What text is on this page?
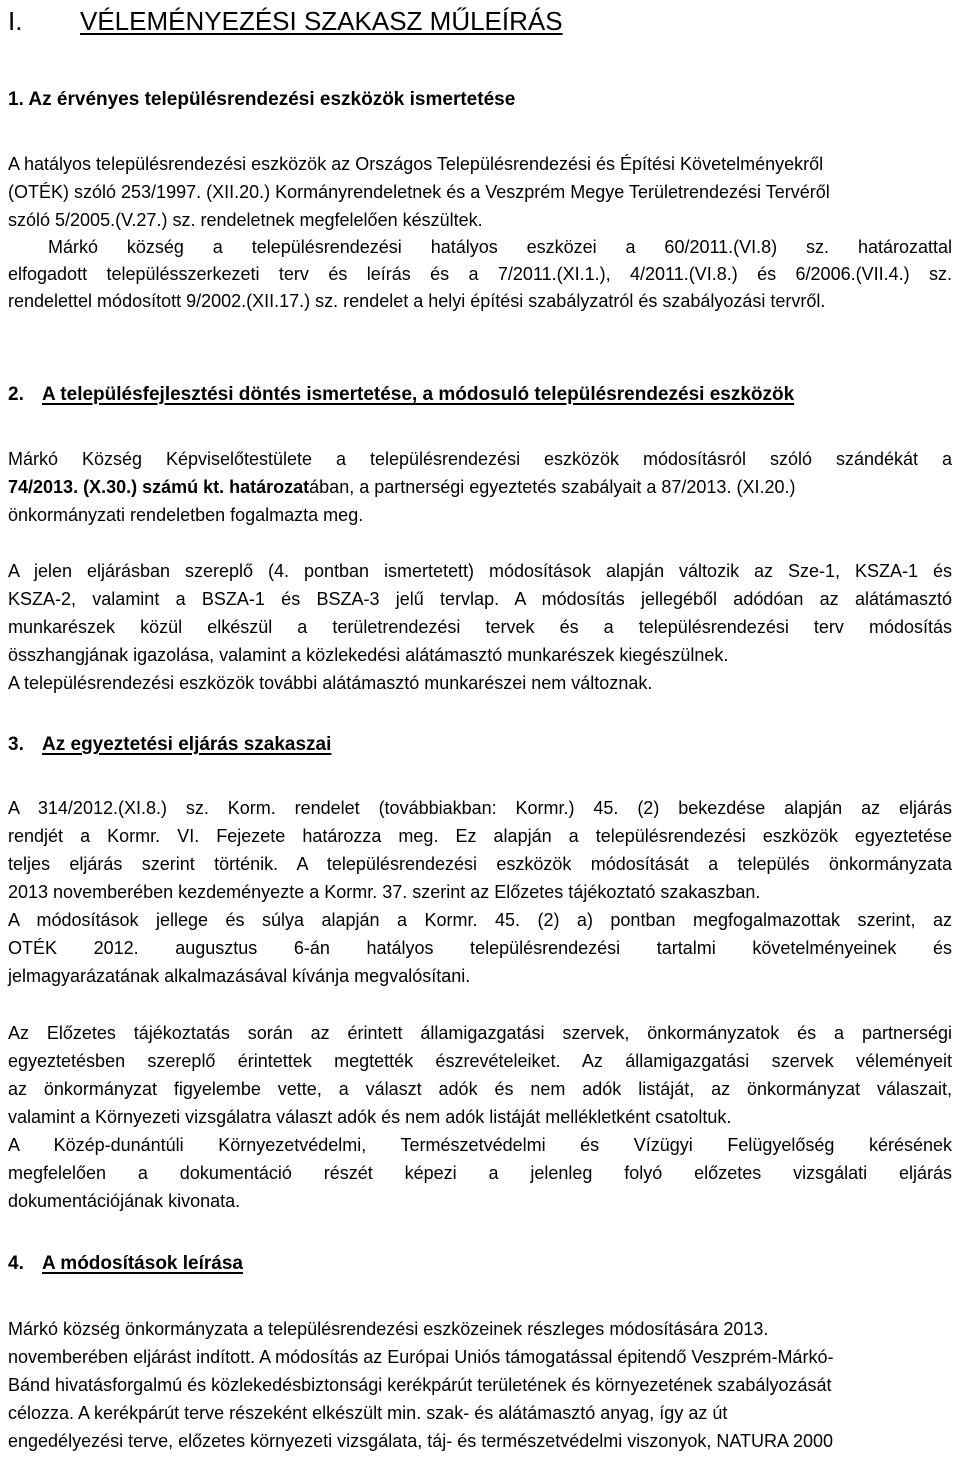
I. VÉLEMÉNYEZÉSI SZAKASZ MŰLEÍRÁS
1. Az érvényes településrendezési eszközök ismertetése
A hatályos településrendezési eszközök az Országos Településrendezési és Építési Követelményekről
(OTÉK) szóló 253/1997. (XII.20.) Kormányrendeletnek és a Veszprém Megye Területrendezési Tervéről
szóló 5/2005.(V.27.) sz. rendeletnek megfelelően készültek.
Márkó község a településrendezési hatályos eszközei a 60/2011.(VI.8) sz. határozattal
elfogadott településszerkezeti terv és leírás és a 7/2011.(XI.1.), 4/2011.(VI.8.) és 6/2006.(VII.4.) sz.
rendelettel módosított 9/2002.(XII.17.) sz. rendelet a helyi építési szabályzatról és szabályozási tervről.
2. A településfejlesztési döntés ismertetése, a módosuló településrendezési eszközök
Márkó Község Képviselőtestülete a településrendezési eszközök módosításról szóló szándékát a
74/2013. (X.30.) számú kt. határozatában, a partnerségi egyeztetés szabályait a 87/2013. (XI.20.)
önkormányzati rendeletben fogalmazta meg.
A jelen eljárásban szereplő (4. pontban ismertetett) módosítások alapján változik az Sze-1, KSZA-1 és
KSZA-2, valamint a BSZA-1 és BSZA-3 jelű tervlap. A módosítás jellegéből adódóan az alátámasztó
munkarészek közül elkészül a területrendezési tervek és a településrendezési terv módosítás
összhangjának igazolása, valamint a közlekedési alátámasztó munkarészek kiegészülnek.
A településrendezési eszközök további alátámasztó munkarészei nem változnak.
3. Az egyeztetési eljárás szakaszai
A 314/2012.(XI.8.) sz. Korm. rendelet (továbbiakban: Kormr.) 45. (2) bekezdése alapján az eljárás
rendjét a Kormr. VI. Fejezete határozza meg. Ez alapján a településrendezési eszközök egyeztetése
teljes eljárás szerint történik. A településrendezési eszközök módosítását a település önkormányzata
2013 novemberében kezdeményezte a Kormr. 37. szerint az Előzetes tájékoztató szakaszban.
A módosítások jellege és súlya alapján a Kormr. 45. (2) a) pontban megfogalmazottak szerint, az
OTÉK 2012. augusztus 6-án hatályos településrendezési tartalmi követelményeinek és
jelmagyarázatának alkalmazásával kívánja megvalósítani.
Az Előzetes tájékoztatás során az érintett államigazgatási szervek, önkormányzatok és a partnerségi
egyeztetésben szereplő érintettek megtették észrevételeiket. Az államigazgatási szervek véleményeit
az önkormányzat figyelembe vette, a választ adók és nem adók listáját, az önkormányzat válaszait,
valamint a Környezeti vizsgálatra választ adók és nem adók listáját mellékletként csatoltuk.
A Közép-dunántúli Környezetvédelmi, Természetvédelmi és Vízügyi Felügyelőség kérésének
megfelelően a dokumentáció részét képezi a jelenleg folyó előzetes vizsgálati eljárás
dokumentációjának kivonata.
4. A módosítások leírása
Márkó község önkormányzata a településrendezési eszközeinek részleges módosítására 2013.
novemberében eljárást indított. A módosítás az Európai Uniós támogatással épitendő Veszprém-Márkó-
Bánd hivatásforgalmú és közlekedésbiztonsági kerékpárút területének és környezetének szabályozását
célozza. A kerékpárút terve részeként elkészült min. szak- és alátámasztó anyag, így az út
engedélyezési terve, előzetes környezeti vizsgálata, táj- és természetvédelmi viszonyok, NATURA 2000
